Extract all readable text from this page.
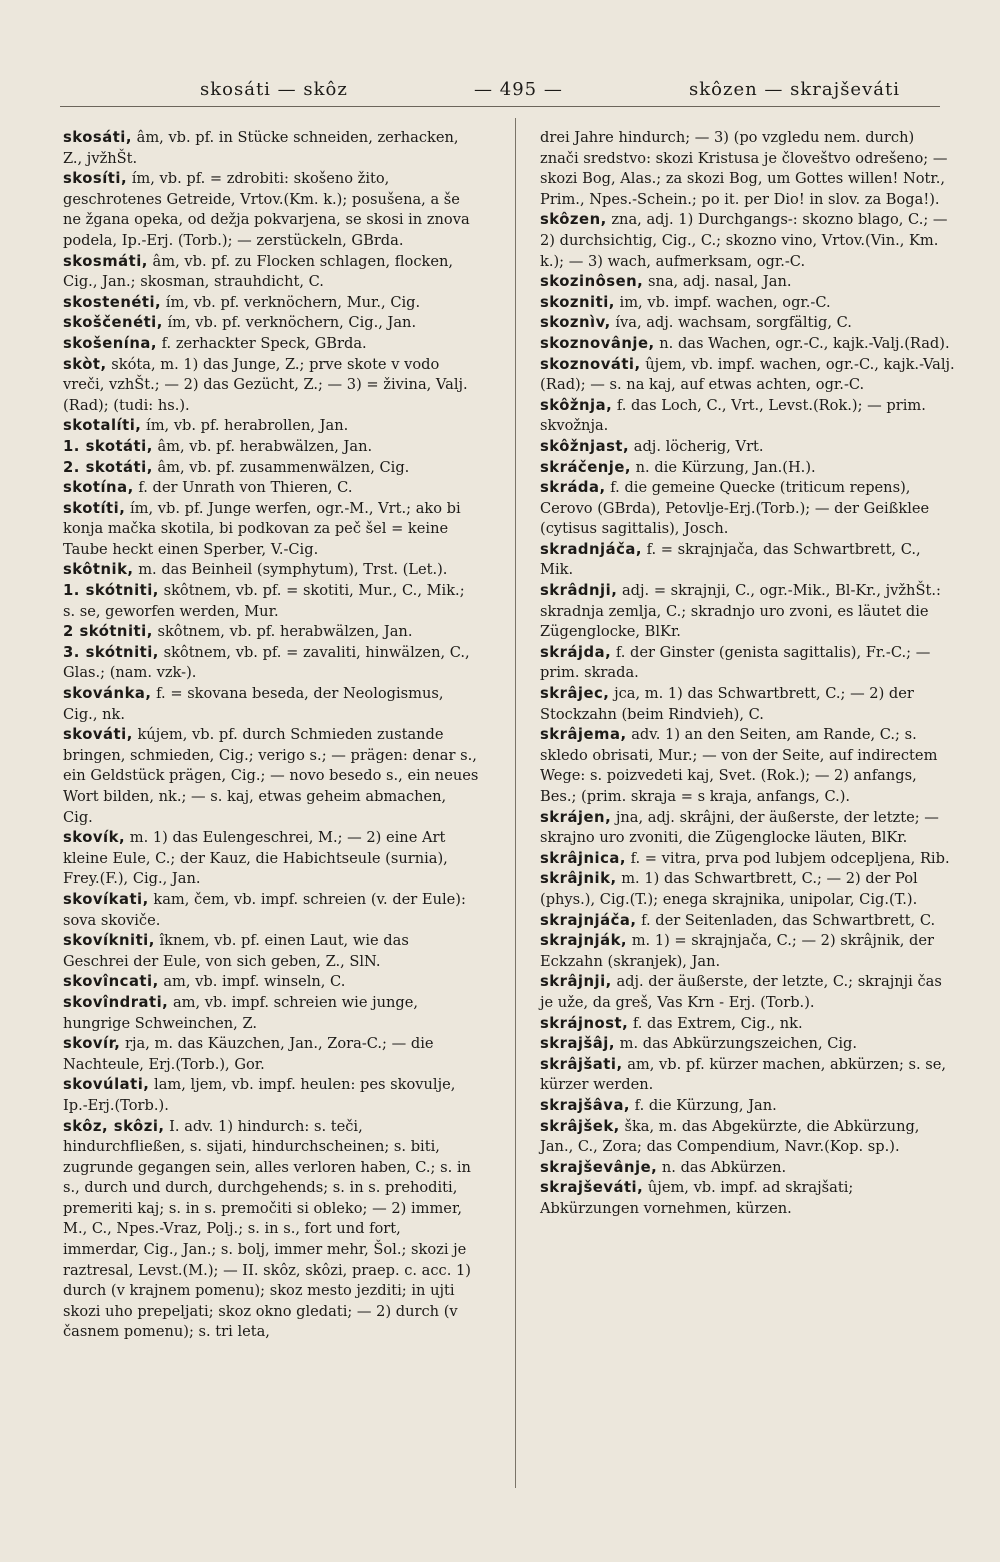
skosáti — skôz	— 495 —	skôzen — skrajševáti

skosáti, âm, vb. pf. in Stücke schneiden, zerhacken, Z., jvžhŠt.

skosíti, ím, vb. pf. = zdrobiti: skošeno žito, geschrotenes Getreide, Vrtov.(Km. k.); posušena, a še ne žgana opeka, od dežja pokvarjena, se skosi in znova podela, Ip.-Erj. (Torb.); — zerstückeln, GBrda.

skosmáti, âm, vb. pf. zu Flocken schlagen, flocken, Cig., Jan.; skosman, strauhdicht, C.

skostenéti, ím, vb. pf. verknöchern, Mur., Cig.

skoščenéti, ím, vb. pf. verknöchern, Cig., Jan.

skošenína, f. zerhackter Speck, GBrda.

skòt, skóta, m. 1) das Junge, Z.; prve skote v vodo vreči, vzhŠt.; — 2) das Gezücht, Z.; — 3) = živina, Valj.(Rad); (tudi: hs.).

skotalíti, ím, vb. pf. herabrollen, Jan.

1. skotáti, âm, vb. pf. herabwälzen, Jan.

2. skotáti, âm, vb. pf. zusammenwälzen, Cig.

skotína, f. der Unrath von Thieren, C.

skotíti, ím, vb. pf. Junge werfen, ogr.-M., Vrt.; ako bi konja mačka skotila, bi podkovan za peč šel = keine Taube heckt einen Sperber, V.-Cig.

skôtnik, m. das Beinheil (symphytum), Trst. (Let.).

1. skótniti, skôtnem, vb. pf. = skotiti, Mur., C., Mik.; s. se, geworfen werden, Mur.

2 skótniti, skôtnem, vb. pf. herabwälzen, Jan.

3. skótniti, skôtnem, vb. pf. = zavaliti, hinwälzen, C., Glas.; (nam. vzk-).

skovánka, f. = skovana beseda, der Neologismus, Cig., nk.

skováti, kújem, vb. pf. durch Schmieden zustande bringen, schmieden, Cig.; verigo s.; — prägen: denar s., ein Geldstück prägen, Cig.; — novo besedo s., ein neues Wort bilden, nk.; — s. kaj, etwas geheim abmachen, Cig.

skovík, m. 1) das Eulengeschrei, M.; — 2) eine Art kleine Eule, C.; der Kauz, die Habichtseule (surnia), Frey.(F.), Cig., Jan.

skovíkati, kam, čem, vb. impf. schreien (v. der Eule): sova skoviče.

skovíkniti, îknem, vb. pf. einen Laut, wie das Geschrei der Eule, von sich geben, Z., SlN.

skovîncati, am, vb. impf. winseln, C.

skovîndrati, am, vb. impf. schreien wie junge, hungrige Schweinchen, Z.

skovír, rja, m. das Käuzchen, Jan., Zora-C.; — die Nachteule, Erj.(Torb.), Gor.

skovúlati, lam, ljem, vb. impf. heulen: pes skovulje, Ip.-Erj.(Torb.).

skôz, skôzi, I. adv. 1) hindurch: s. teči, hindurchfließen, s. sijati, hindurchscheinen; s. biti, zugrunde gegangen sein, alles verloren haben, C.; s. in s., durch und durch, durchgehends; s. in s. prehoditi, premeriti kaj; s. in s. premočiti si obleko; — 2) immer, M., C., Npes.-Vraz, Polj.; s. in s., fort und fort, immerdar, Cig., Jan.; s. bolj, immer mehr, Šol.; skozi je raztresal, Levst.(M.); — II. skôz, skôzi, praep. c. acc. 1) durch (v krajnem pomenu); skoz mesto jezditi; in ujti skozi uho prepeljati; skoz okno gledati; — 2) durch (v časnem pomenu); s. tri leta,

drei Jahre hindurch; — 3) (po vzgledu nem. durch) znači sredstvo: skozi Kristusa je človeštvo odrešeno; — skozi Bog, Alas.; za skozi Bog, um Gottes willen! Notr., Prim., Npes.-Schein.; po it. per Dio! in slov. za Boga!).

skôzen, zna, adj. 1) Durchgangs-: skozno blago, C.; — 2) durchsichtig, Cig., C.; skozno vino, Vrtov.(Vin., Km. k.); — 3) wach, aufmerksam, ogr.-C.

skozinôsen, sna, adj. nasal, Jan.

skozniti, im, vb. impf. wachen, ogr.-C.

skoznìv, íva, adj. wachsam, sorgfältig, C.

skoznovânje, n. das Wachen, ogr.-C., kajk.-Valj.(Rad).

skoznováti, ûjem, vb. impf. wachen, ogr.-C., kajk.-Valj.(Rad); — s. na kaj, auf etwas achten, ogr.-C.

skôžnja, f. das Loch, C., Vrt., Levst.(Rok.); — prim. skvožnja.

skôžnjast, adj. löcherig, Vrt.

skráčenje, n. die Kürzung, Jan.(H.).

skráda, f. die gemeine Quecke (triticum repens), Cerovo (GBrda), Petovlje-Erj.(Torb.); — der Geißklee (cytisus sagittalis), Josch.

skradnjáča, f. = skrajnjača, das Schwartbrett, C., Mik.

skrâdnji, adj. = skrajnji, C., ogr.-Mik., Bl-Kr., jvžhŠt.: skradnja zemlja, C.; skradnjo uro zvoni, es läutet die Zügenglocke, BlKr.

skrájda, f. der Ginster (genista sagittalis), Fr.-C.; — prim. skrada.

skrâjec, jca, m. 1) das Schwartbrett, C.; — 2) der Stockzahn (beim Rindvieh), C.

skrâjema, adv. 1) an den Seiten, am Rande, C.; s. skledo obrisati, Mur.; — von der Seite, auf indirectem Wege: s. poizvedeti kaj, Svet. (Rok.); — 2) anfangs, Bes.; (prim. skraja = s kraja, anfangs, C.).

skrájen, jna, adj. skrâjni, der äußerste, der letzte; — skrajno uro zvoniti, die Zügenglocke läuten, BlKr.

skrâjnica, f. = vitra, prva pod lubjem odcepljena, Rib.

skrâjnik, m. 1) das Schwartbrett, C.; — 2) der Pol (phys.), Cig.(T.); enega skrajnika, unipolar, Cig.(T.).

skrajnjáča, f. der Seitenladen, das Schwartbrett, C.

skrajnják, m. 1) = skrajnjača, C.; — 2) skrâjnik, der Eckzahn (skranjek), Jan.

skrâjnji, adj. der äußerste, der letzte, C.; skrajnji čas je uže, da greš, Vas Krn - Erj. (Torb.).

skrájnost, f. das Extrem, Cig., nk.

skrajšâj, m. das Abkürzungszeichen, Cig.

skrâjšati, am, vb. pf. kürzer machen, abkürzen; s. se, kürzer werden.

skrajšâva, f. die Kürzung, Jan.

skrâjšek, ška, m. das Abgekürzte, die Abkürzung, Jan., C., Zora; das Compendium, Navr.(Kop. sp.).

skrajševânje, n. das Abkürzen.

skrajševáti, ûjem, vb. impf. ad skrajšati; Abkürzungen vornehmen, kürzen.
